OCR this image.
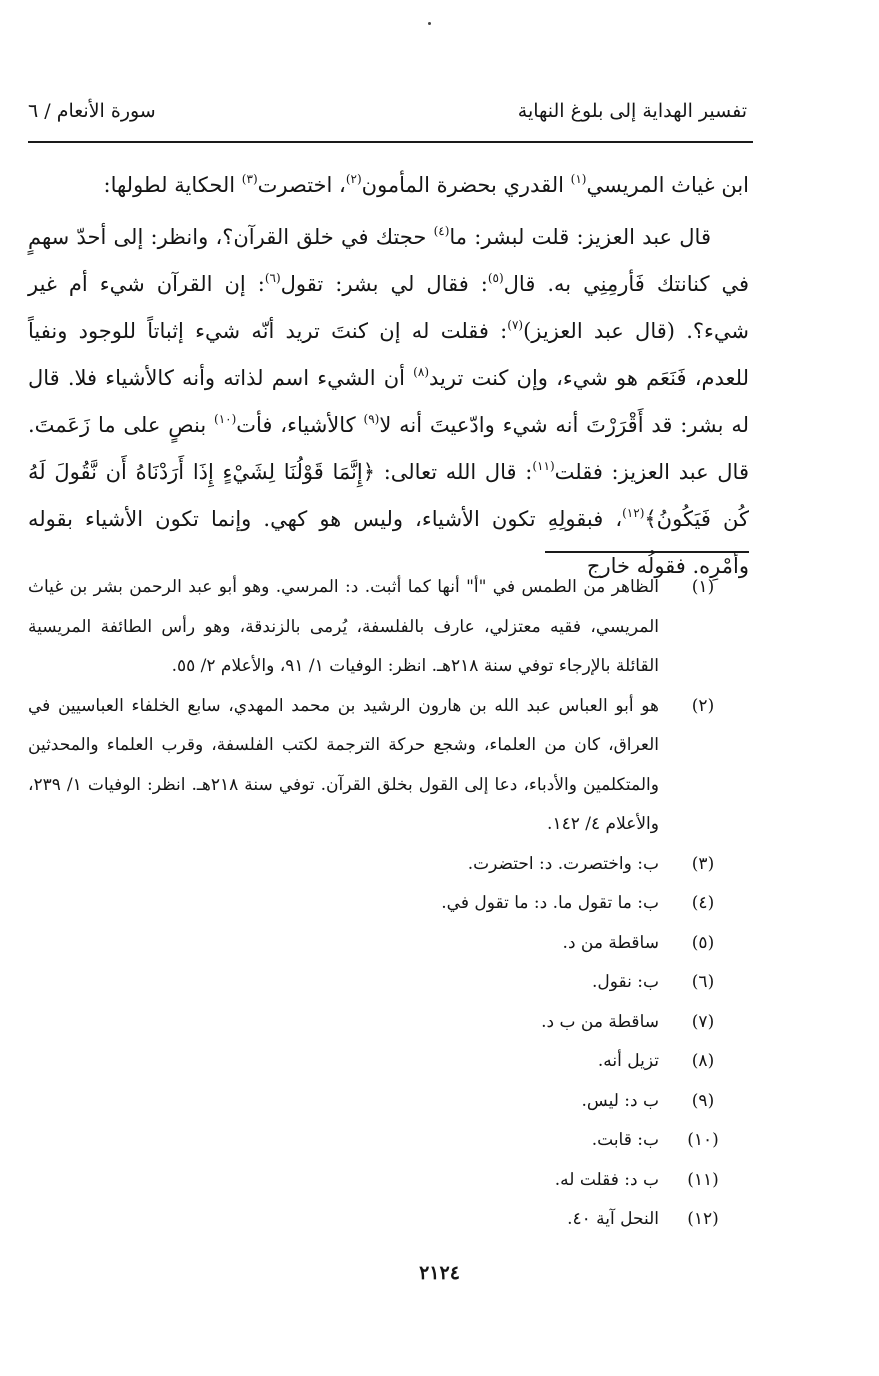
تفسير الهداية إلى بلوغ النهاية
سورة الأنعام / ٦

ابن غياث المريسي$^{(١)}$ القدري بحضرة المأمون$^{(٢)}$، اختصرت$^{(٣)}$ الحكاية لطولها:

قال عبد العزيز: قلت لبشر: ما$^{(٤)}$ حجتك في خلق القرآن؟، وانظر: إلى أحدّ سهمٍ في كنانتك فَأرمِنِي به. قال$^{(٥)}$: فقال لي بشر: تقول$^{(٦)}$: إن القرآن شيء أم غير شيء؟. (قال عبد العزيز)$^{(٧)}$: فقلت له إن كنتَ تريد أنّه شيء إثباتاً للوجود ونفياً للعدم، فَنَعَم هو شيء، وإن كنت تريد$^{(٨)}$ أن الشيء اسم لذاته وأنه كالأشياء فلا. قال له بشر: قد أَقْرَرْتَ أنه شيء وادّعيتَ أنه لا$^{(٩)}$ كالأشياء، فأت$^{(١٠)}$ بنصٍ على ما زَعَمتَ. قال عبد العزيز: فقلت$^{(١١)}$: قال الله تعالى: ﴿إِنَّمَا قَوْلُنَا لِشَيْءٍ إِذَا أَرَدْنَاهُ أَن نَّقُولَ لَهُ كُن فَيَكُونُ﴾$^{(١٢)}$، فبقولِهِ تكون الأشياء، وليس هو كهي. وإنما تكون الأشياء بقوله وأمْرِه. فقولُه خارج

(١)
الظاهر من الطمس في "أ" أنها كما أثبت. د: المرسي. وهو أبو عبد الرحمن بشر بن غياث المريسي، فقيه معتزلي، عارف بالفلسفة، يُرمى بالزندقة، وهو رأس الطائفة المريسية القائلة بالإرجاء توفي سنة ٢١٨هـ. انظر: الوفيات ١/ ٩١، والأعلام ٢/ ٥٥.
(٢)
هو أبو العباس عبد الله بن هارون الرشيد بن محمد المهدي، سابع الخلفاء العباسيين في العراق، كان من العلماء، وشجع حركة الترجمة لكتب الفلسفة، وقرب العلماء والمحدثين والمتكلمين والأدباء، دعا إلى القول بخلق القرآن. توفي سنة ٢١٨هـ. انظر: الوفيات ١/ ٢٣٩، والأعلام ٤/ ١٤٢.
(٣)
ب: واختصرت. د: احتضرت.
(٤)
ب: ما تقول ما. د: ما تقول في.
(٥)
ساقطة من د.
(٦)
ب: نقول.
(٧)
ساقطة من ب د.
(٨)
تزيل أنه.
(٩)
ب د: ليس.
(١٠)
ب: قابت.
(١١)
ب د: فقلت له.
(١٢)
النحل آية ٤٠.
٢١٢٤
